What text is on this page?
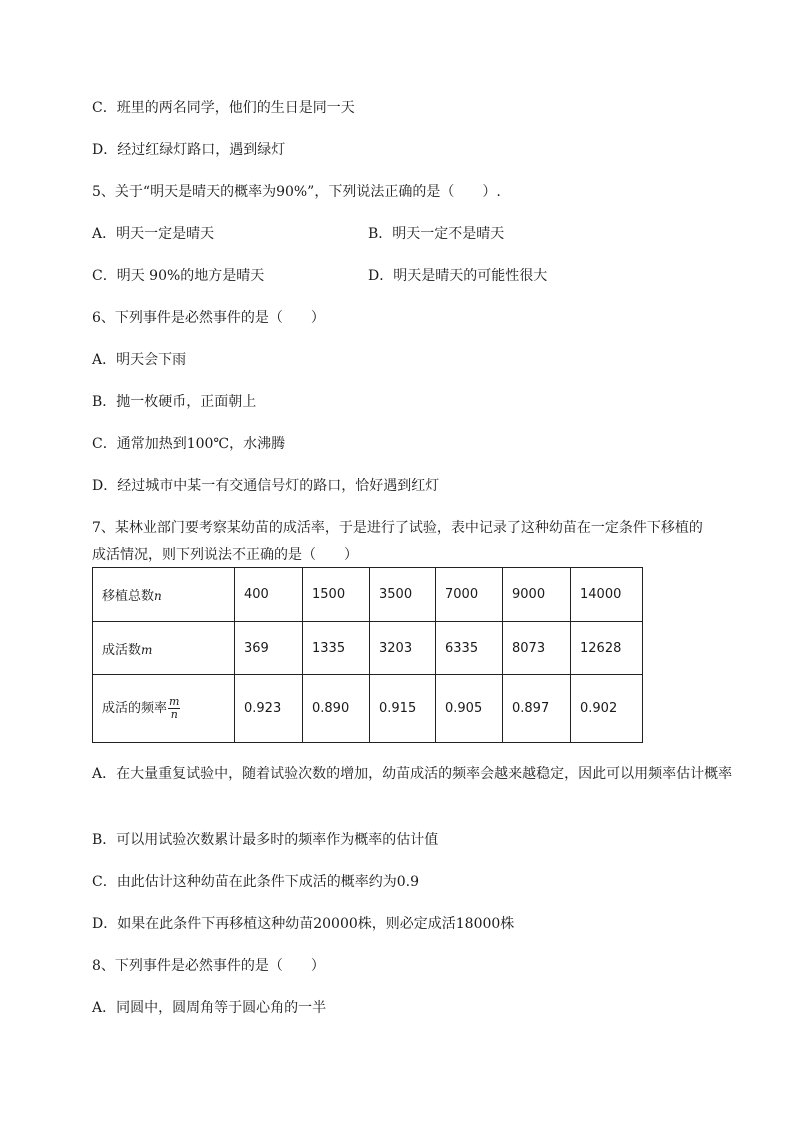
C．班里的两名同学，他们的生日是同一天
D．经过红绿灯路口，遇到绿灯
5、关于“明天是晴天的概率为90%”，下列说法正确的是（　　）.
A．明天一定是晴天	B．明天一定不是晴天
C．明天 90%的地方是晴天	D．明天是晴天的可能性很大
6、下列事件是必然事件的是（　　）
A．明天会下雨
B．抛一枚硬币，正面朝上
C．通常加热到100℃，水沸腾
D．经过城市中某一有交通信号灯的路口，恰好遇到红灯
7、某林业部门要考察某幼苗的成活率，于是进行了试验，表中记录了这种幼苗在一定条件下移植的
成活情况，则下列说法不正确的是（　　）
移植总数n	400	1500	3500	7000	9000	14000
成活数m	369	1335	3203	6335	8073	12628
成活的频率 $\frac{m}{n}$	0.923	0.890	0.915	0.905	0.897	0.902
A．在大量重复试验中，随着试验次数的增加，幼苗成活的频率会越来越稳定，因此可以用频率估计概率
B．可以用试验次数累计最多时的频率作为概率的估计值
C．由此估计这种幼苗在此条件下成活的概率约为0.9
D．如果在此条件下再移植这种幼苗20000株，则必定成活18000株
8、下列事件是必然事件的是（　　）
A．同圆中，圆周角等于圆心角的一半
